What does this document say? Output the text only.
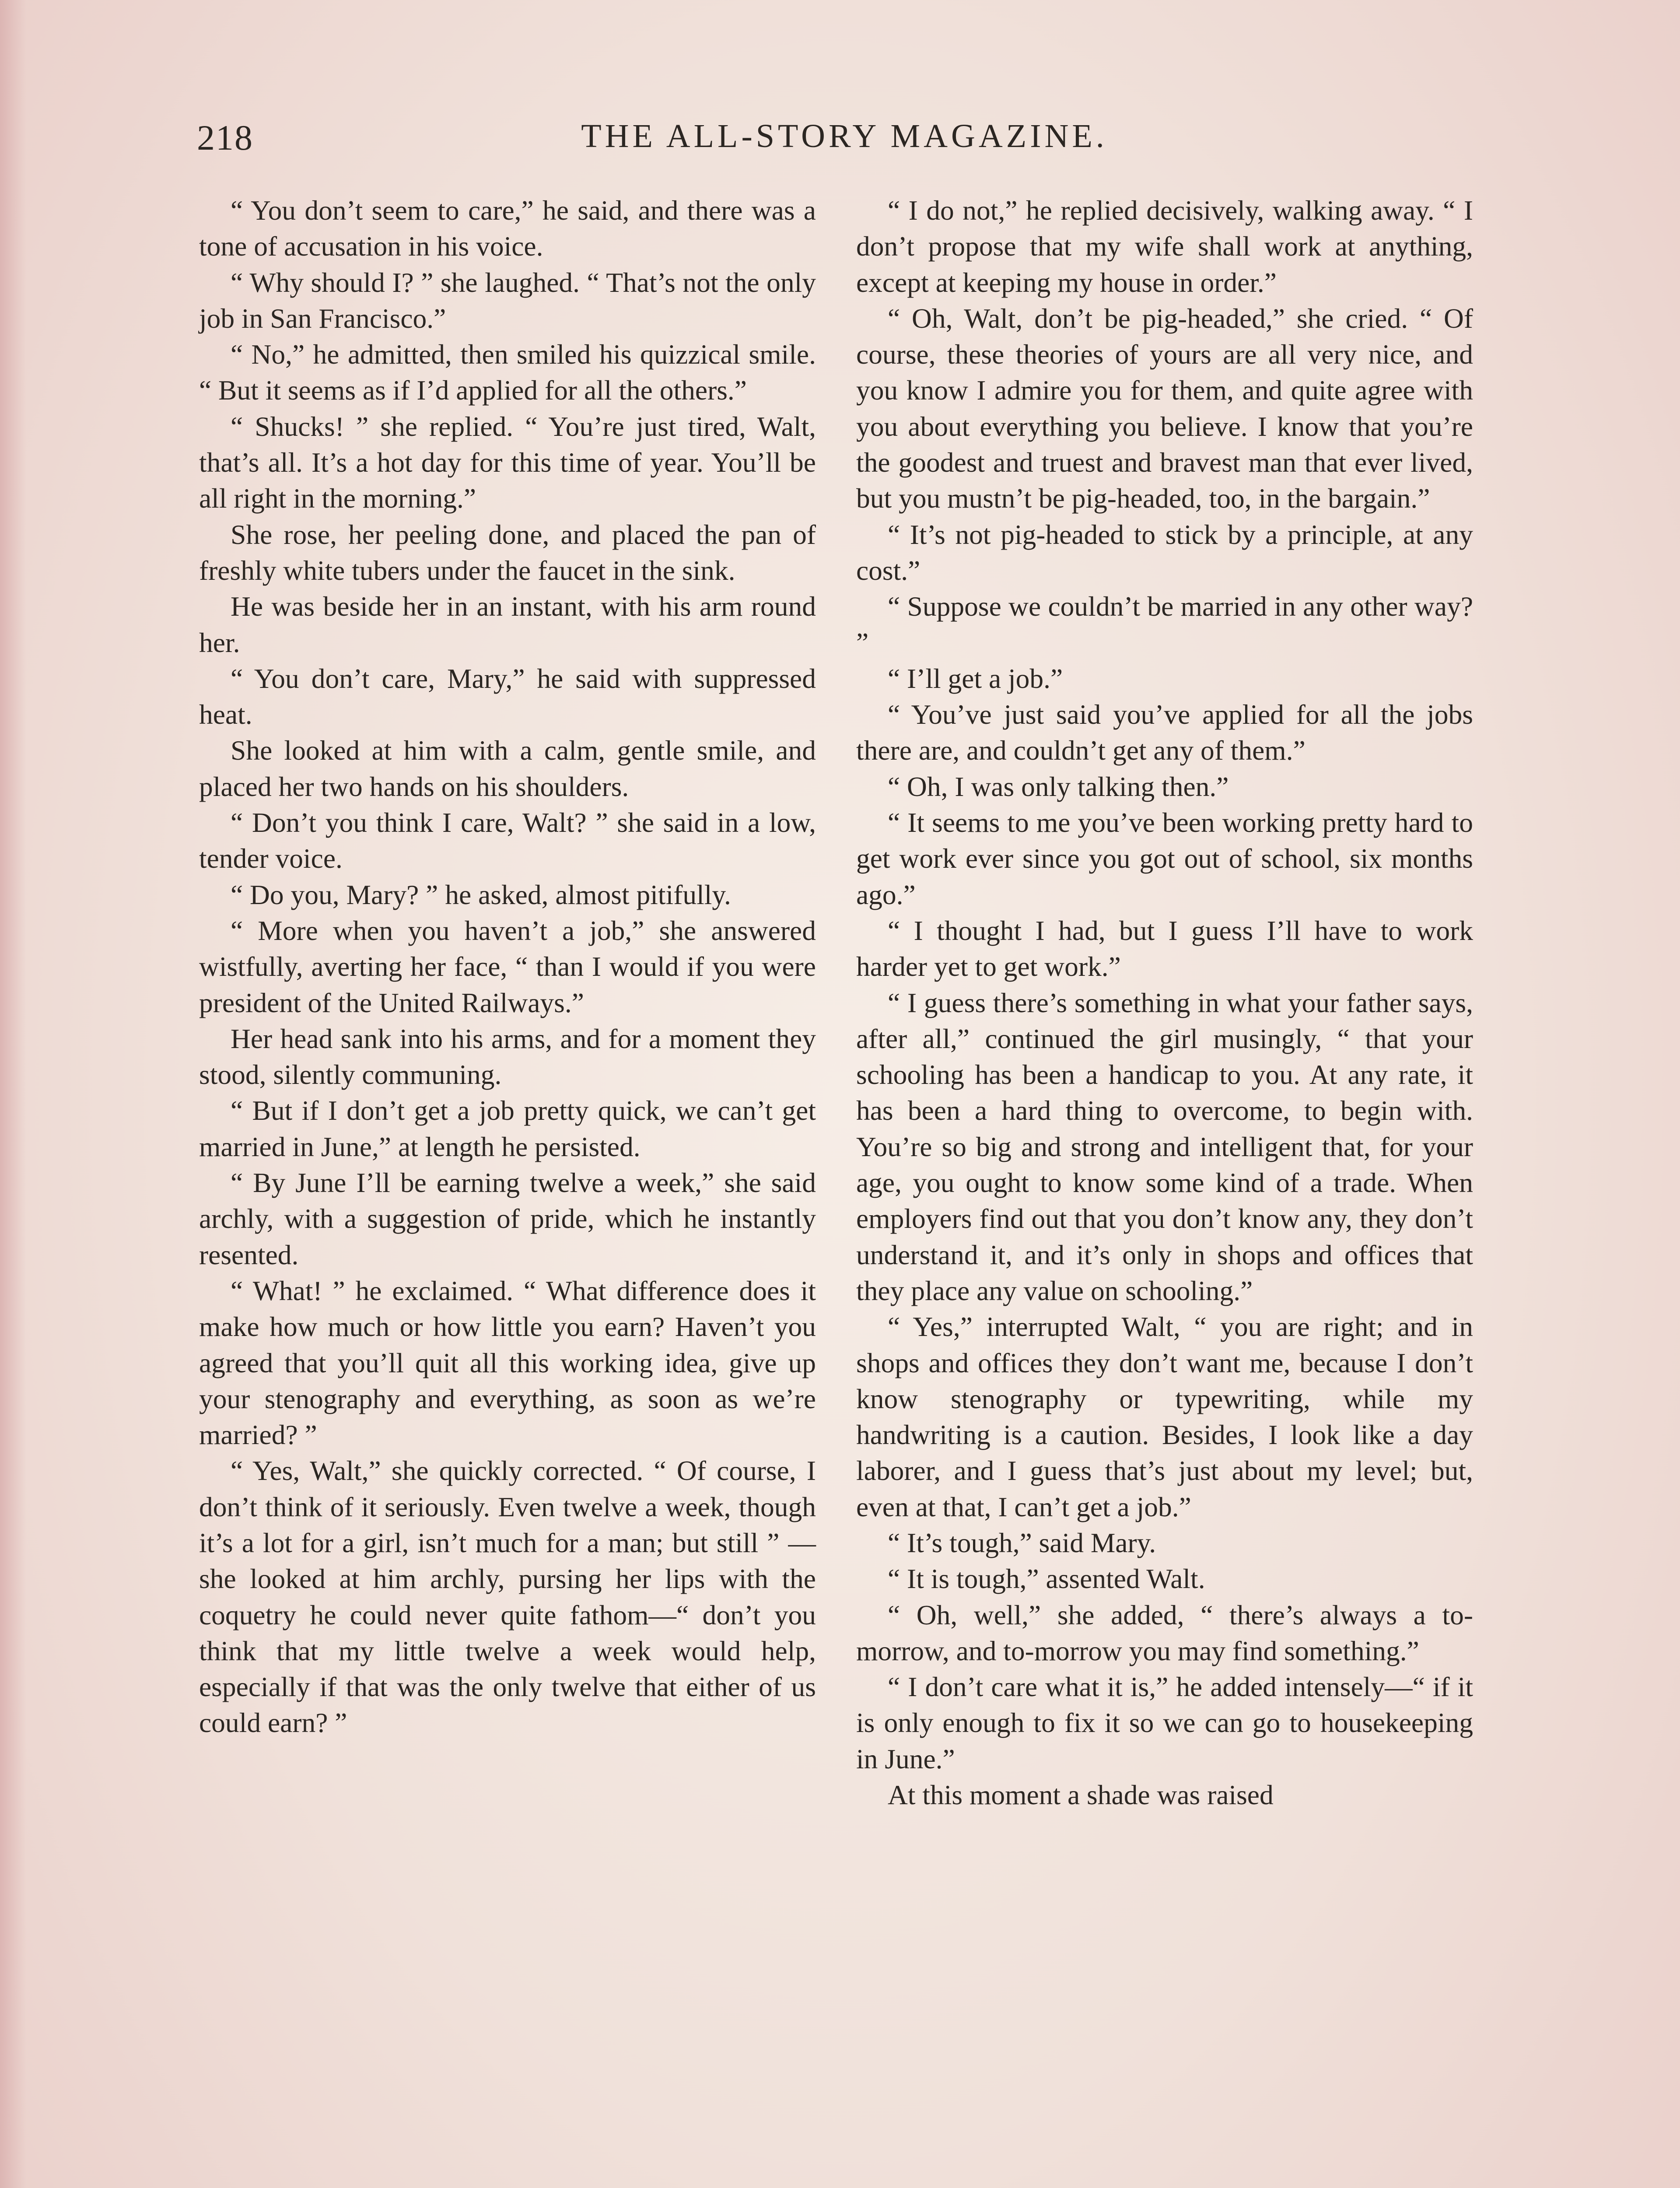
218	THE ALL-STORY MAGAZINE.

“ You don’t seem to care,” he said, and there was a tone of accusation in his voice.

“ Why should I? ” she laughed. “ That’s not the only job in San Francisco.”

“ No,” he admitted, then smiled his quizzical smile. “ But it seems as if I’d applied for all the others.”

“ Shucks! ” she replied. “ You’re just tired, Walt, that’s all. It’s a hot day for this time of year. You’ll be all right in the morning.”

She rose, her peeling done, and placed the pan of freshly white tubers under the faucet in the sink.

He was beside her in an instant, with his arm round her.

“ You don’t care, Mary,” he said with suppressed heat.

She looked at him with a calm, gentle smile, and placed her two hands on his shoulders.

“ Don’t you think I care, Walt? ” she said in a low, tender voice.

“ Do you, Mary? ” he asked, almost pitifully.

“ More when you haven’t a job,” she answered wistfully, averting her face, “ than I would if you were president of the United Railways.”

Her head sank into his arms, and for a moment they stood, silently communing.

“ But if I don’t get a job pretty quick, we can’t get married in June,” at length he persisted.

“ By June I’ll be earning twelve a week,” she said archly, with a suggestion of pride, which he instantly resented.

“ What! ” he exclaimed. “ What difference does it make how much or how little you earn? Haven’t you agreed that you’ll quit all this working idea, give up your stenography and everything, as soon as we’re married? ”

“ Yes, Walt,” she quickly corrected. “ Of course, I don’t think of it seriously. Even twelve a week, though it’s a lot for a girl, isn’t much for a man; but still ” — she looked at him archly, pursing her lips with the coquetry he could never quite fathom—“ don’t you think that my little twelve a week would help, especially if that was the only twelve that either of us could earn? ”

“ I do not,” he replied decisively, walking away. “ I don’t propose that my wife shall work at anything, except at keeping my house in order.”

“ Oh, Walt, don’t be pig-headed,” she cried. “ Of course, these theories of yours are all very nice, and you know I admire you for them, and quite agree with you about everything you believe. I know that you’re the goodest and truest and bravest man that ever lived, but you mustn’t be pig-headed, too, in the bargain.”

“ It’s not pig-headed to stick by a principle, at any cost.”

“ Suppose we couldn’t be married in any other way? ”

“ I’ll get a job.”

“ You’ve just said you’ve applied for all the jobs there are, and couldn’t get any of them.”

“ Oh, I was only talking then.”

“ It seems to me you’ve been working pretty hard to get work ever since you got out of school, six months ago.”

“ I thought I had, but I guess I’ll have to work harder yet to get work.”

“ I guess there’s something in what your father says, after all,” continued the girl musingly, “ that your schooling has been a handicap to you. At any rate, it has been a hard thing to overcome, to begin with. You’re so big and strong and intelligent that, for your age, you ought to know some kind of a trade. When employers find out that you don’t know any, they don’t understand it, and it’s only in shops and offices that they place any value on schooling.”

“ Yes,” interrupted Walt, “ you are right; and in shops and offices they don’t want me, because I don’t know stenography or typewriting, while my handwriting is a caution. Besides, I look like a day laborer, and I guess that’s just about my level; but, even at that, I can’t get a job.”

“ It’s tough,” said Mary.

“ It is tough,” assented Walt.

“ Oh, well,” she added, “ there’s always a to-morrow, and to-morrow you may find something.”

“ I don’t care what it is,” he added intensely—“ if it is only enough to fix it so we can go to housekeeping in June.”

At this moment a shade was raised
